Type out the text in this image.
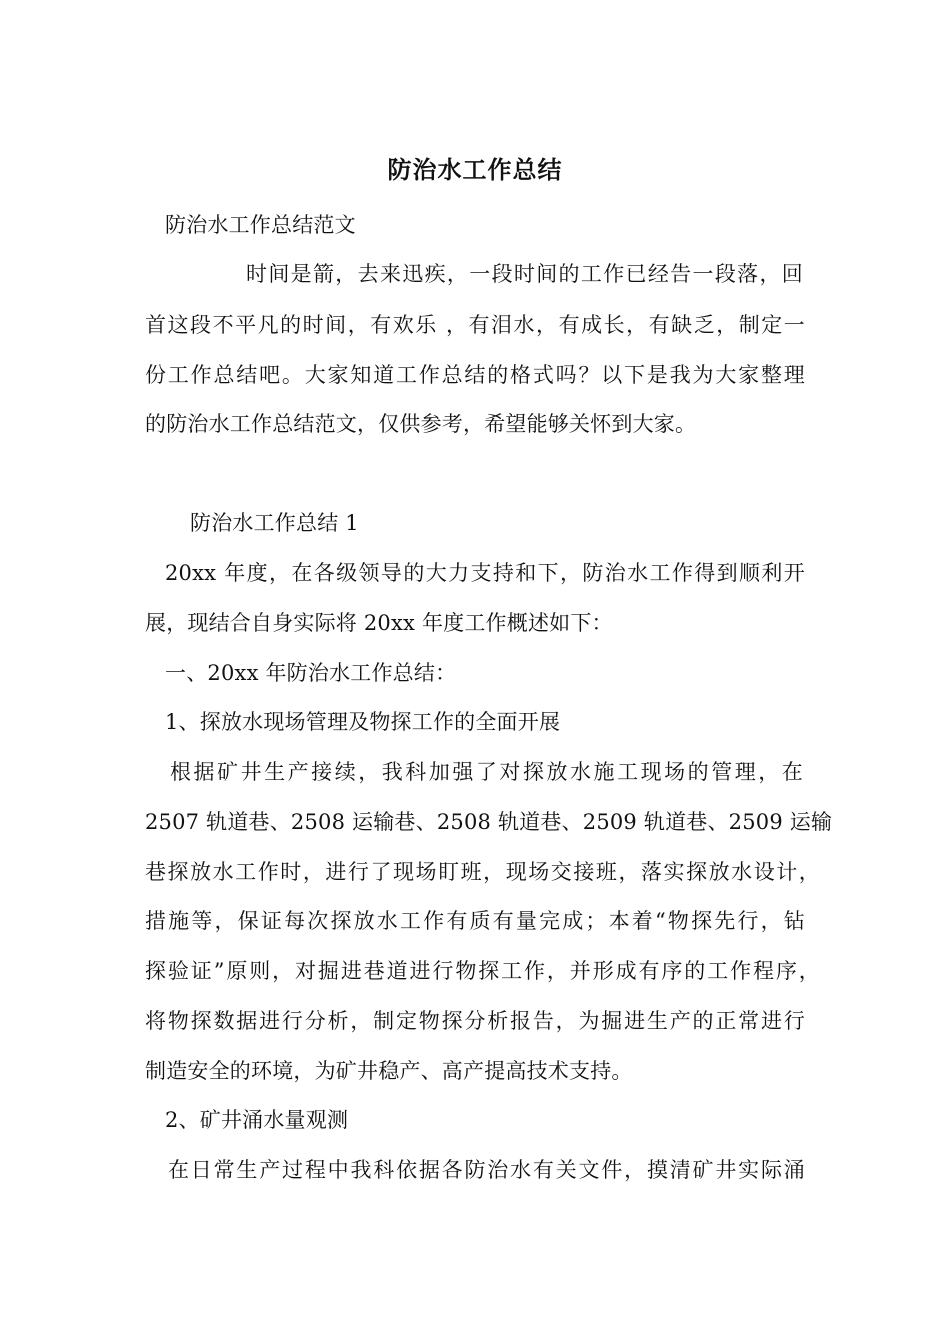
防治水工作总结
防治水工作总结范文
时间是箭，去来迅疾，一段时间的工作已经告一段落，回
首这段不平凡的时间，有欢乐 ，有泪水，有成长，有缺乏，制定一
份工作总结吧。大家知道工作总结的格式吗？以下是我为大家整理
的防治水工作总结范文，仅供参考，希望能够关怀到大家。
防治水工作总结 1
20xx 年度，在各级领导的大力支持和下，防治水工作得到顺利开
展，现结合自身实际将 20xx 年度工作概述如下：
一、20xx 年防治水工作总结：
1、探放水现场管理及物探工作的全面开展
根据矿井生产接续，我科加强了对探放水施工现场的管理，在
2507 轨道巷、2508 运输巷、2508 轨道巷、2509 轨道巷、2509 运输
巷探放水工作时，进行了现场盯班，现场交接班，落实探放水设计，
措施等，保证每次探放水工作有质有量完成；本着“物探先行，钻
探验证”原则，对掘进巷道进行物探工作，并形成有序的工作程序，
将物探数据进行分析，制定物探分析报告，为掘进生产的正常进行
制造安全的环境，为矿井稳产、高产提高技术支持。
2、矿井涌水量观测
在日常生产过程中我科依据各防治水有关文件，摸清矿井实际涌
